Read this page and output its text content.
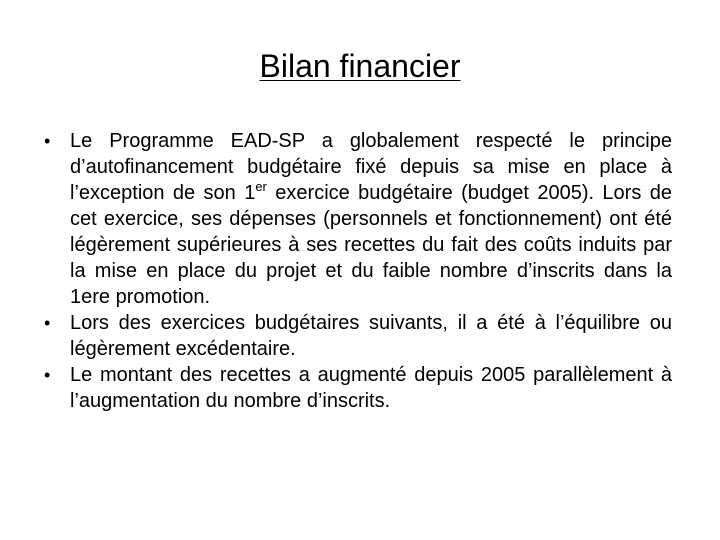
Bilan financier
• Le Programme EAD-SP a globalement respecté le principe d’autofinancement budgétaire fixé depuis sa mise en place à l’exception de son 1er exercice budgétaire (budget 2005). Lors de cet exercice, ses dépenses (personnels et fonctionnement) ont été légèrement supérieures à ses recettes du fait des coûts induits par la mise en place du projet et du faible nombre d’inscrits dans la 1ere promotion.
• Lors des exercices budgétaires suivants, il a été à l’équilibre ou légèrement excédentaire.
• Le montant des recettes a augmenté depuis 2005 parallèlement à l’augmentation du nombre d’inscrits.
